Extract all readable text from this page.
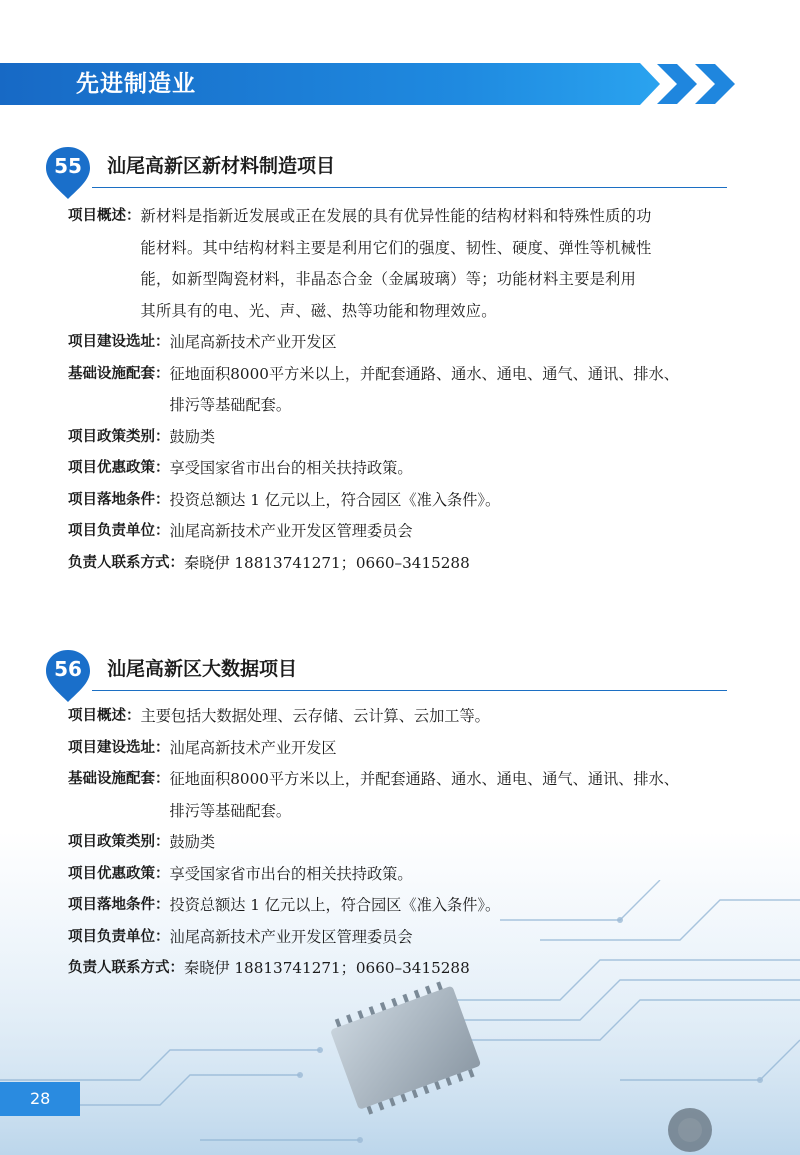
先进制造业
55	汕尾高新区新材料制造项目
项目概述： 新材料是指新近发展或正在发展的具有优异性能的结构材料和特殊性质的功
能材料。其中结构材料主要是利用它们的强度、韧性、硬度、弹性等机械性
能，如新型陶瓷材料，非晶态合金（金属玻璃）等；功能材料主要是利用
其所具有的电、光、声、磁、热等功能和物理效应。
项目建设选址： 汕尾高新技术产业开发区
基础设施配套： 征地面积8000平方米以上，并配套通路、通水、通电、通气、通讯、排水、
排污等基础配套。
项目政策类别： 鼓励类
项目优惠政策： 享受国家省市出台的相关扶持政策。
项目落地条件： 投资总额达 1 亿元以上，符合园区《准入条件》。
项目负责单位： 汕尾高新技术产业开发区管理委员会
负责人联系方式： 秦晓伊 18813741271；0660–3415288
56	汕尾高新区大数据项目
项目概述： 主要包括大数据处理、云存储、云计算、云加工等。
项目建设选址： 汕尾高新技术产业开发区
基础设施配套： 征地面积8000平方米以上，并配套通路、通水、通电、通气、通讯、排水、
排污等基础配套。
项目政策类别： 鼓励类
项目优惠政策： 享受国家省市出台的相关扶持政策。
项目落地条件： 投资总额达 1 亿元以上，符合园区《准入条件》。
项目负责单位： 汕尾高新技术产业开发区管理委员会
负责人联系方式： 秦晓伊 18813741271；0660–3415288
28
